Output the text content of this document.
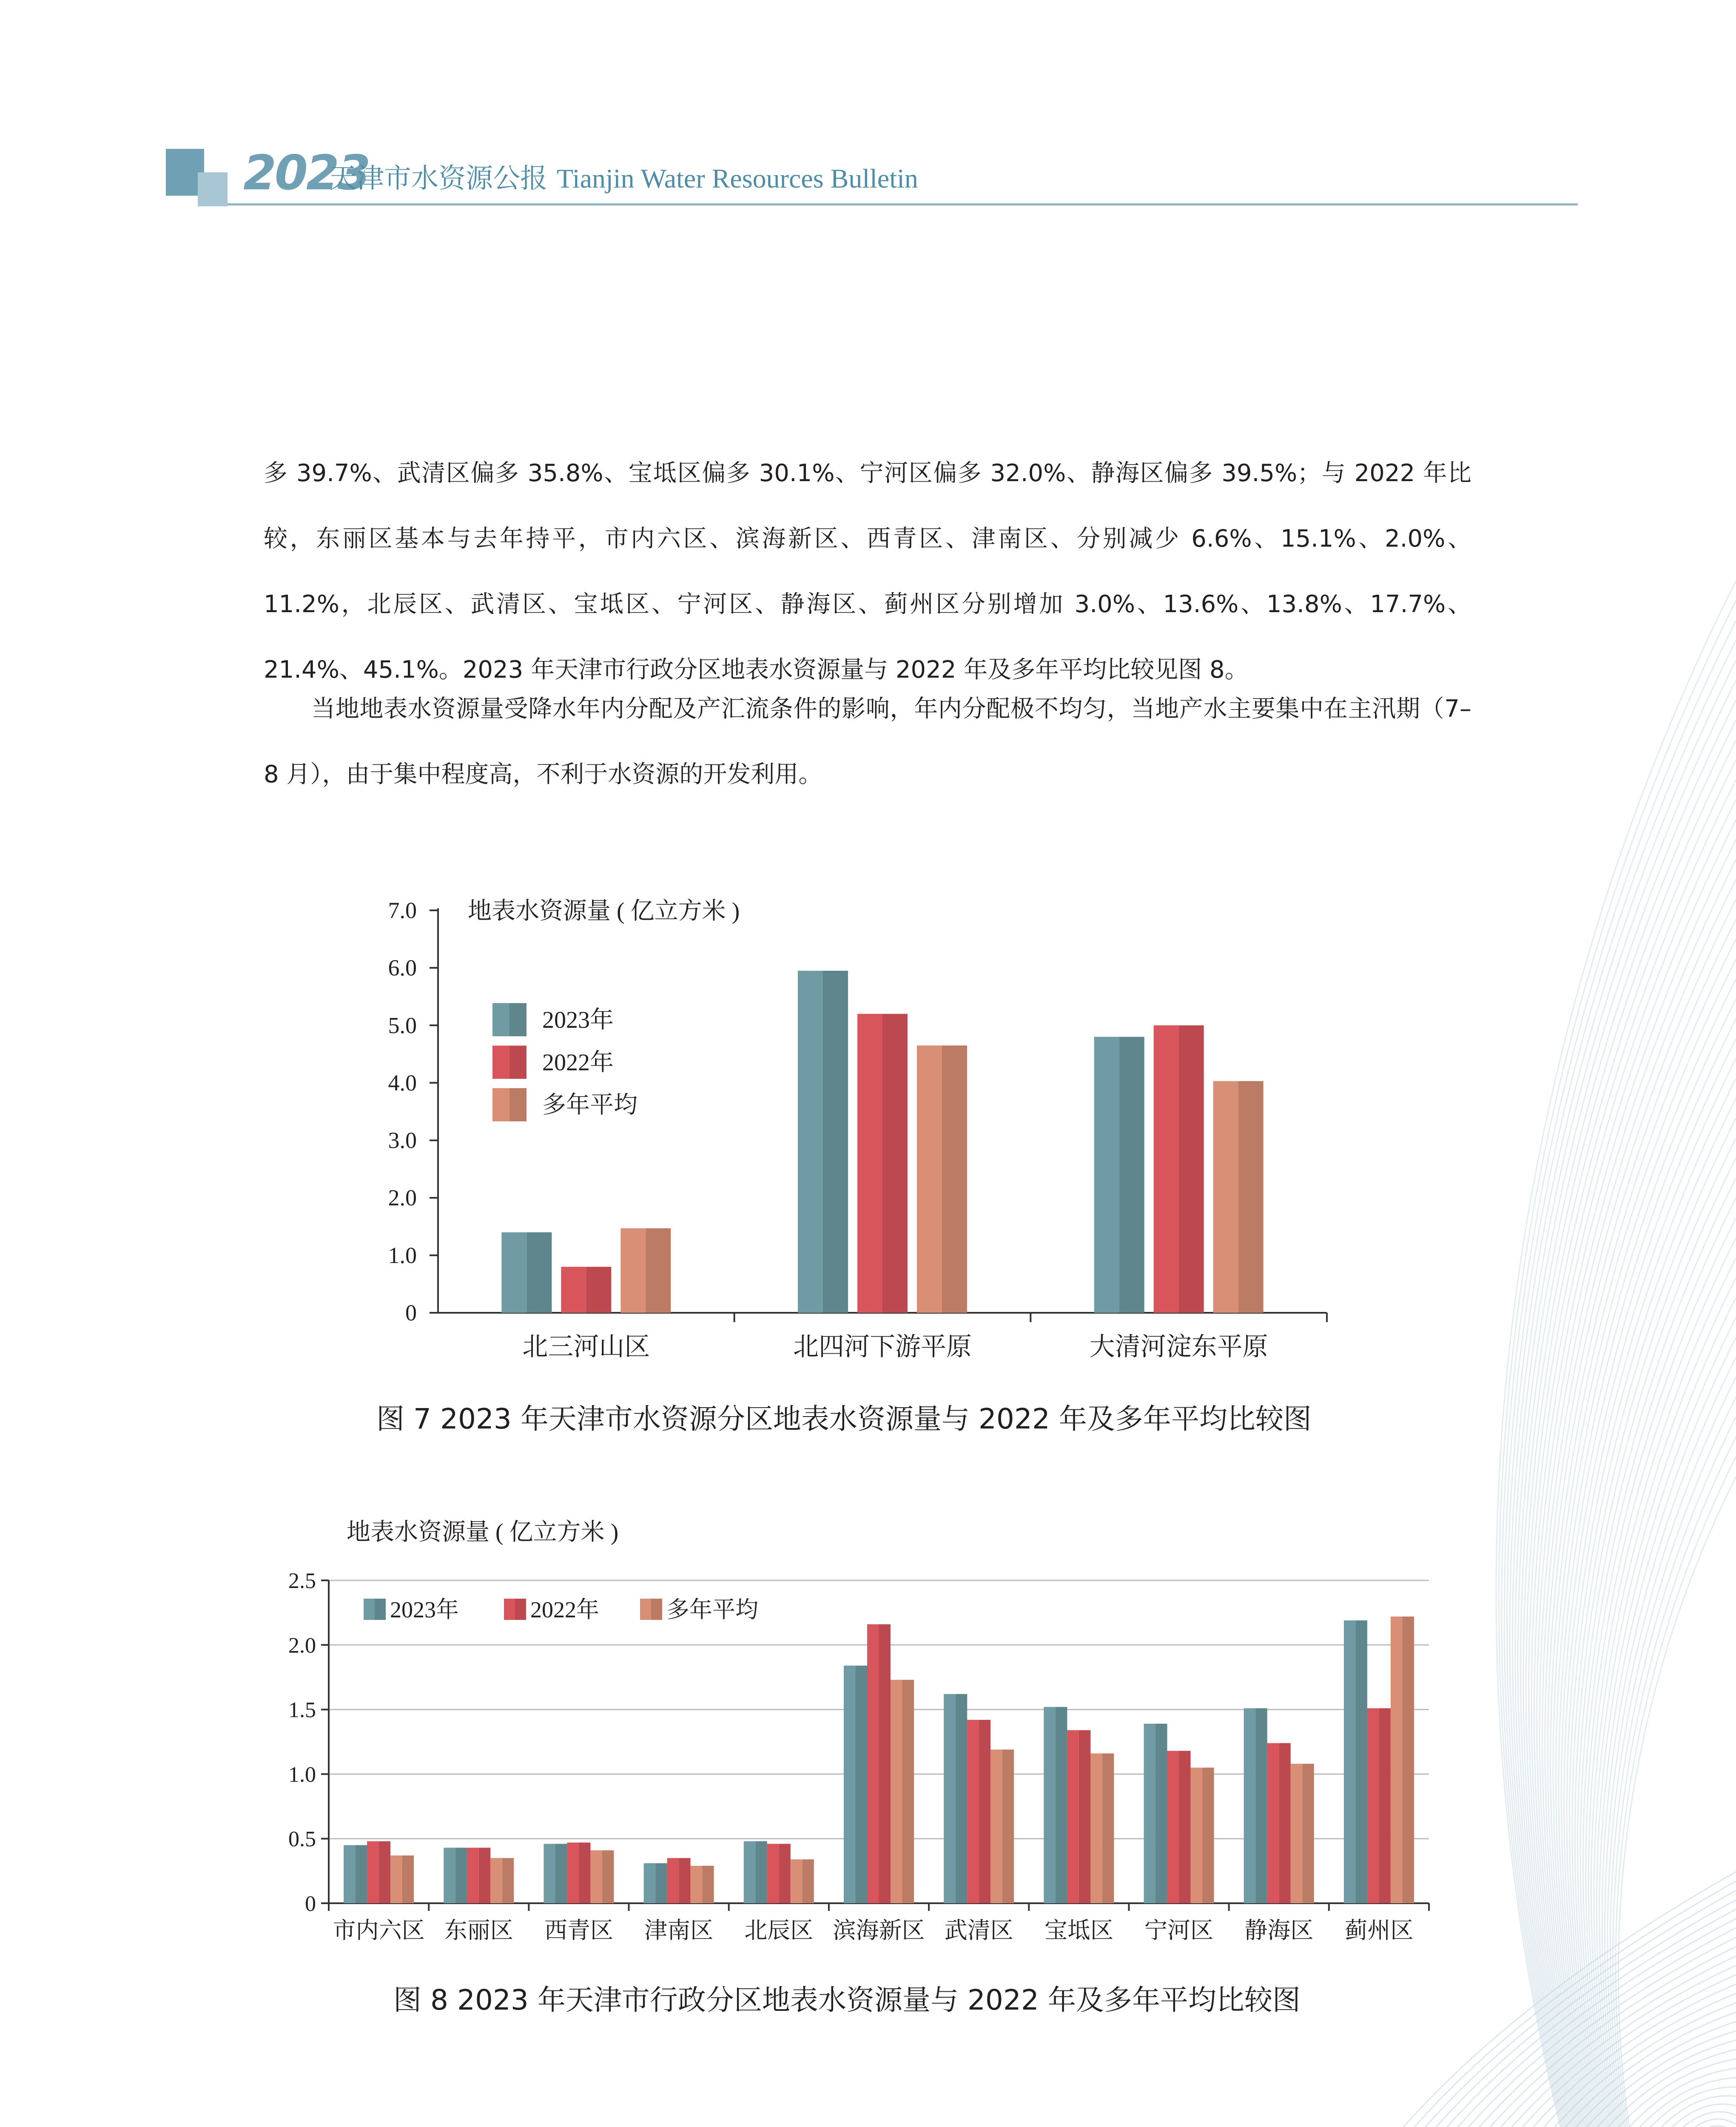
2023
天津市水资源公报 Tianjin Water Resources Bulletin
多 39.7%、武清区偏多 35.8%、宝坻区偏多 30.1%、宁河区偏多 32.0%、静海区偏多 39.5%；与 2022 年比较，东丽区基本与去年持平，市内六区、滨海新区、西青区、津南区、分别减少 6.6%、15.1%、2.0%、11.2%，北辰区、武清区、宝坻区、宁河区、静海区、蓟州区分别增加 3.0%、13.6%、13.8%、17.7%、21.4%、45.1%。2023 年天津市行政分区地表水资源量与 2022 年及多年平均比较见图 8。
当地地表水资源量受降水年内分配及产汇流条件的影响，年内分配极不均匀，当地产水主要集中在主汛期（7–8 月），由于集中程度高，不利于水资源的开发利用。
0
1.0
2.0
3.0
4.0
5.0
6.0
7.0 地表水资源量 ( 亿立方米 )
北三河山区	北四河下游平原	大清河淀东平原
2023年
2022年
多年平均
图 7 2023 年天津市水资源分区地表水资源量与 2022 年及多年平均比较图
0
0.5
1.0
1.5
2.0
2.5
地表水资源量 ( 亿立方米 )
市内六区 东丽区 西青区 津南区 北辰区 滨海新区 武清区 宝坻区 宁河区 静海区 蓟州区
2023年	2022年	多年平均
图 8 2023 年天津市行政分区地表水资源量与 2022 年及多年平均比较图
